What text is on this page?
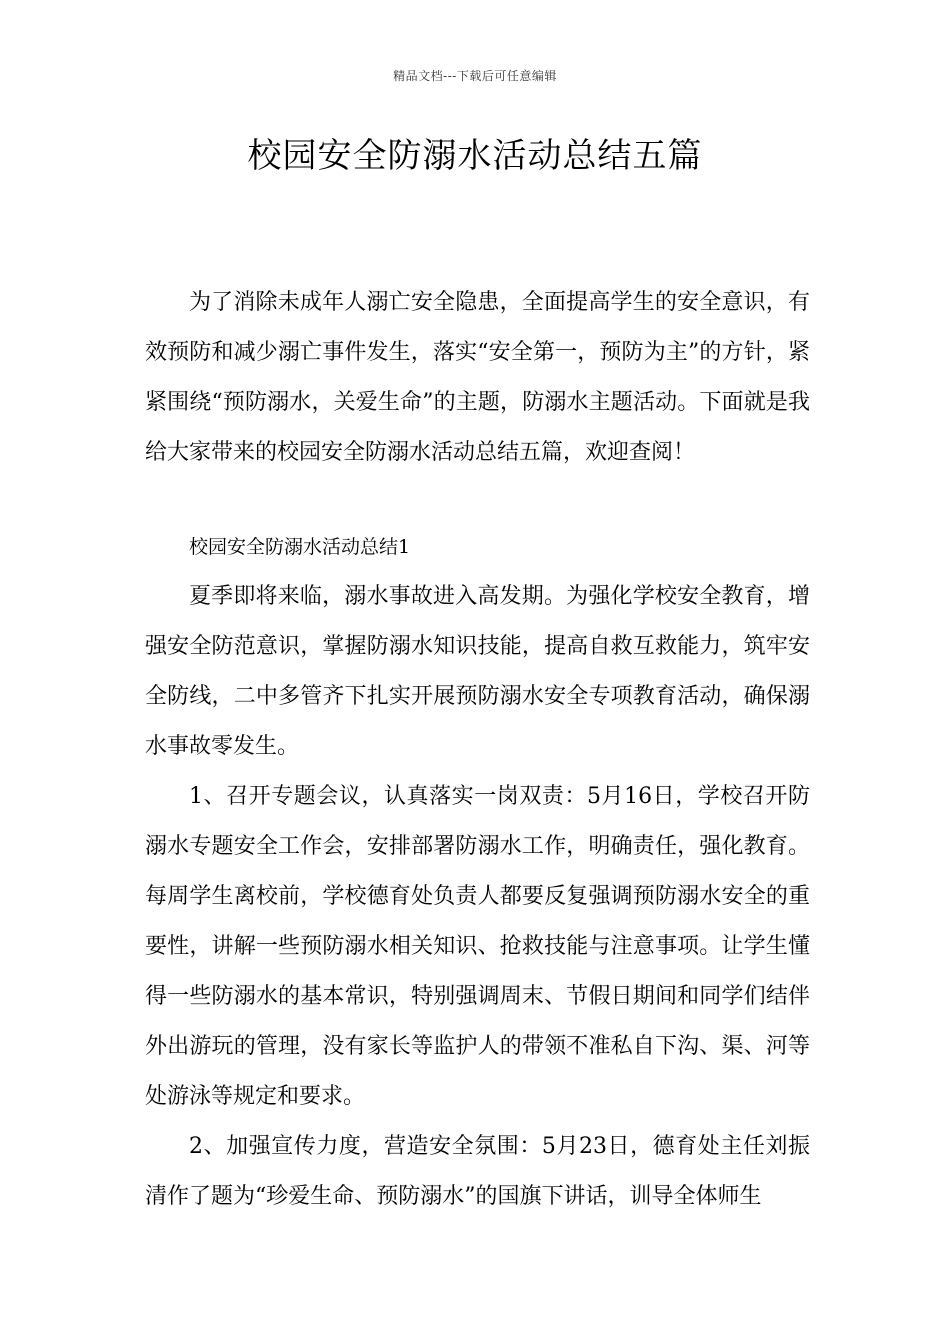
精品文档---下载后可任意编辑
校园安全防溺水活动总结五篇

为了消除未成年人溺亡安全隐患，全面提高学生的安全意识，有效预防和减少溺亡事件发生，落实“安全第一，预防为主”的方针，紧紧围绕“预防溺水，关爱生命”的主题，防溺水主题活动。下面就是我给大家带来的校园安全防溺水活动总结五篇，欢迎查阅！

校园安全防溺水活动总结1

夏季即将来临，溺水事故进入高发期。为强化学校安全教育，增强安全防范意识，掌握防溺水知识技能，提高自救互救能力，筑牢安全防线，二中多管齐下扎实开展预防溺水安全专项教育活动，确保溺水事故零发生。

1、召开专题会议，认真落实一岗双责：5月16日，学校召开防溺水专题安全工作会，安排部署防溺水工作，明确责任，强化教育。每周学生离校前，学校德育处负责人都要反复强调预防溺水安全的重要性，讲解一些预防溺水相关知识、抢救技能与注意事项。让学生懂得一些防溺水的基本常识，特别强调周末、节假日期间和同学们结伴外出游玩的管理，没有家长等监护人的带领不准私自下沟、渠、河等处游泳等规定和要求。

2、加强宣传力度，营造安全氛围：5月23日，德育处主任刘振清作了题为“珍爱生命、预防溺水”的国旗下讲话，训导全体师生
